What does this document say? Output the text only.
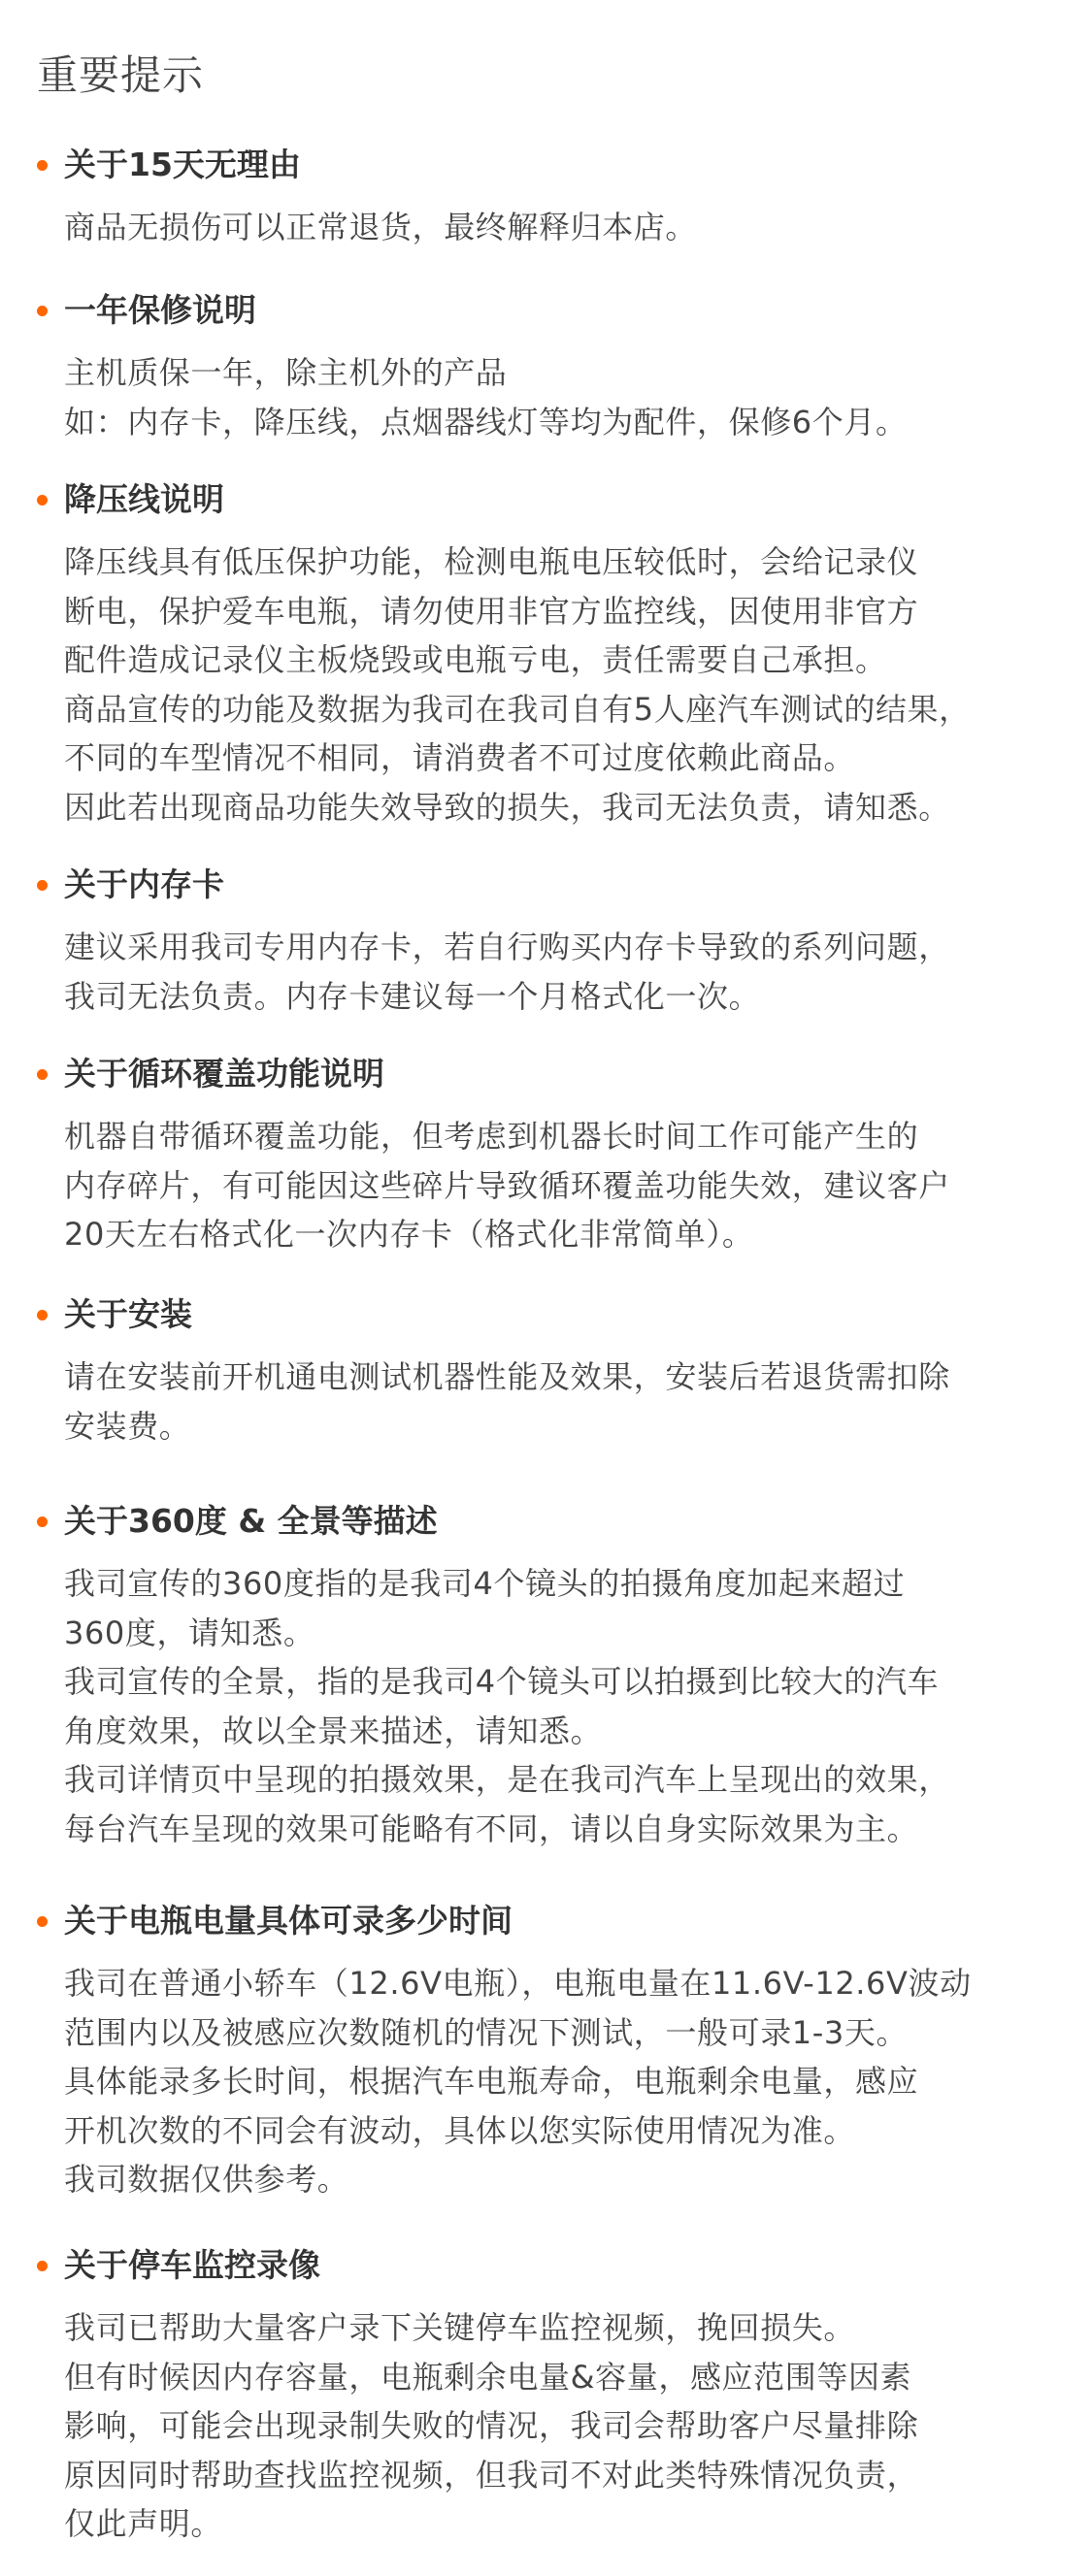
重要提示
关于15天无理由
商品无损伤可以正常退货，最终解释归本店。
一年保修说明
主机质保一年，除主机外的产品
如：内存卡，降压线，点烟器线灯等均为配件，保修6个月。
降压线说明
降压线具有低压保护功能，检测电瓶电压较低时，会给记录仪
断电，保护爱车电瓶，请勿使用非官方监控线，因使用非官方
配件造成记录仪主板烧毁或电瓶亏电，责任需要自己承担。
商品宣传的功能及数据为我司在我司自有5人座汽车测试的结果，
不同的车型情况不相同，请消费者不可过度依赖此商品。
因此若出现商品功能失效导致的损失，我司无法负责，请知悉。
关于内存卡
建议采用我司专用内存卡，若自行购买内存卡导致的系列问题，
我司无法负责。内存卡建议每一个月格式化一次。
关于循环覆盖功能说明
机器自带循环覆盖功能，但考虑到机器长时间工作可能产生的
内存碎片，有可能因这些碎片导致循环覆盖功能失效，建议客户
20天左右格式化一次内存卡（格式化非常简单）。
关于安装
请在安装前开机通电测试机器性能及效果，安装后若退货需扣除
安装费。
关于360度 & 全景等描述
我司宣传的360度指的是我司4个镜头的拍摄角度加起来超过
360度，请知悉。
我司宣传的全景，指的是我司4个镜头可以拍摄到比较大的汽车
角度效果，故以全景来描述，请知悉。
我司详情页中呈现的拍摄效果，是在我司汽车上呈现出的效果，
每台汽车呈现的效果可能略有不同，请以自身实际效果为主。
关于电瓶电量具体可录多少时间
我司在普通小轿车（12.6V电瓶），电瓶电量在11.6V-12.6V波动
范围内以及被感应次数随机的情况下测试，一般可录1-3天。
具体能录多长时间，根据汽车电瓶寿命，电瓶剩余电量，感应
开机次数的不同会有波动，具体以您实际使用情况为准。
我司数据仅供参考。
关于停车监控录像
我司已帮助大量客户录下关键停车监控视频，挽回损失。
但有时候因内存容量，电瓶剩余电量&容量，感应范围等因素
影响，可能会出现录制失败的情况，我司会帮助客户尽量排除
原因同时帮助查找监控视频，但我司不对此类特殊情况负责，
仅此声明。
